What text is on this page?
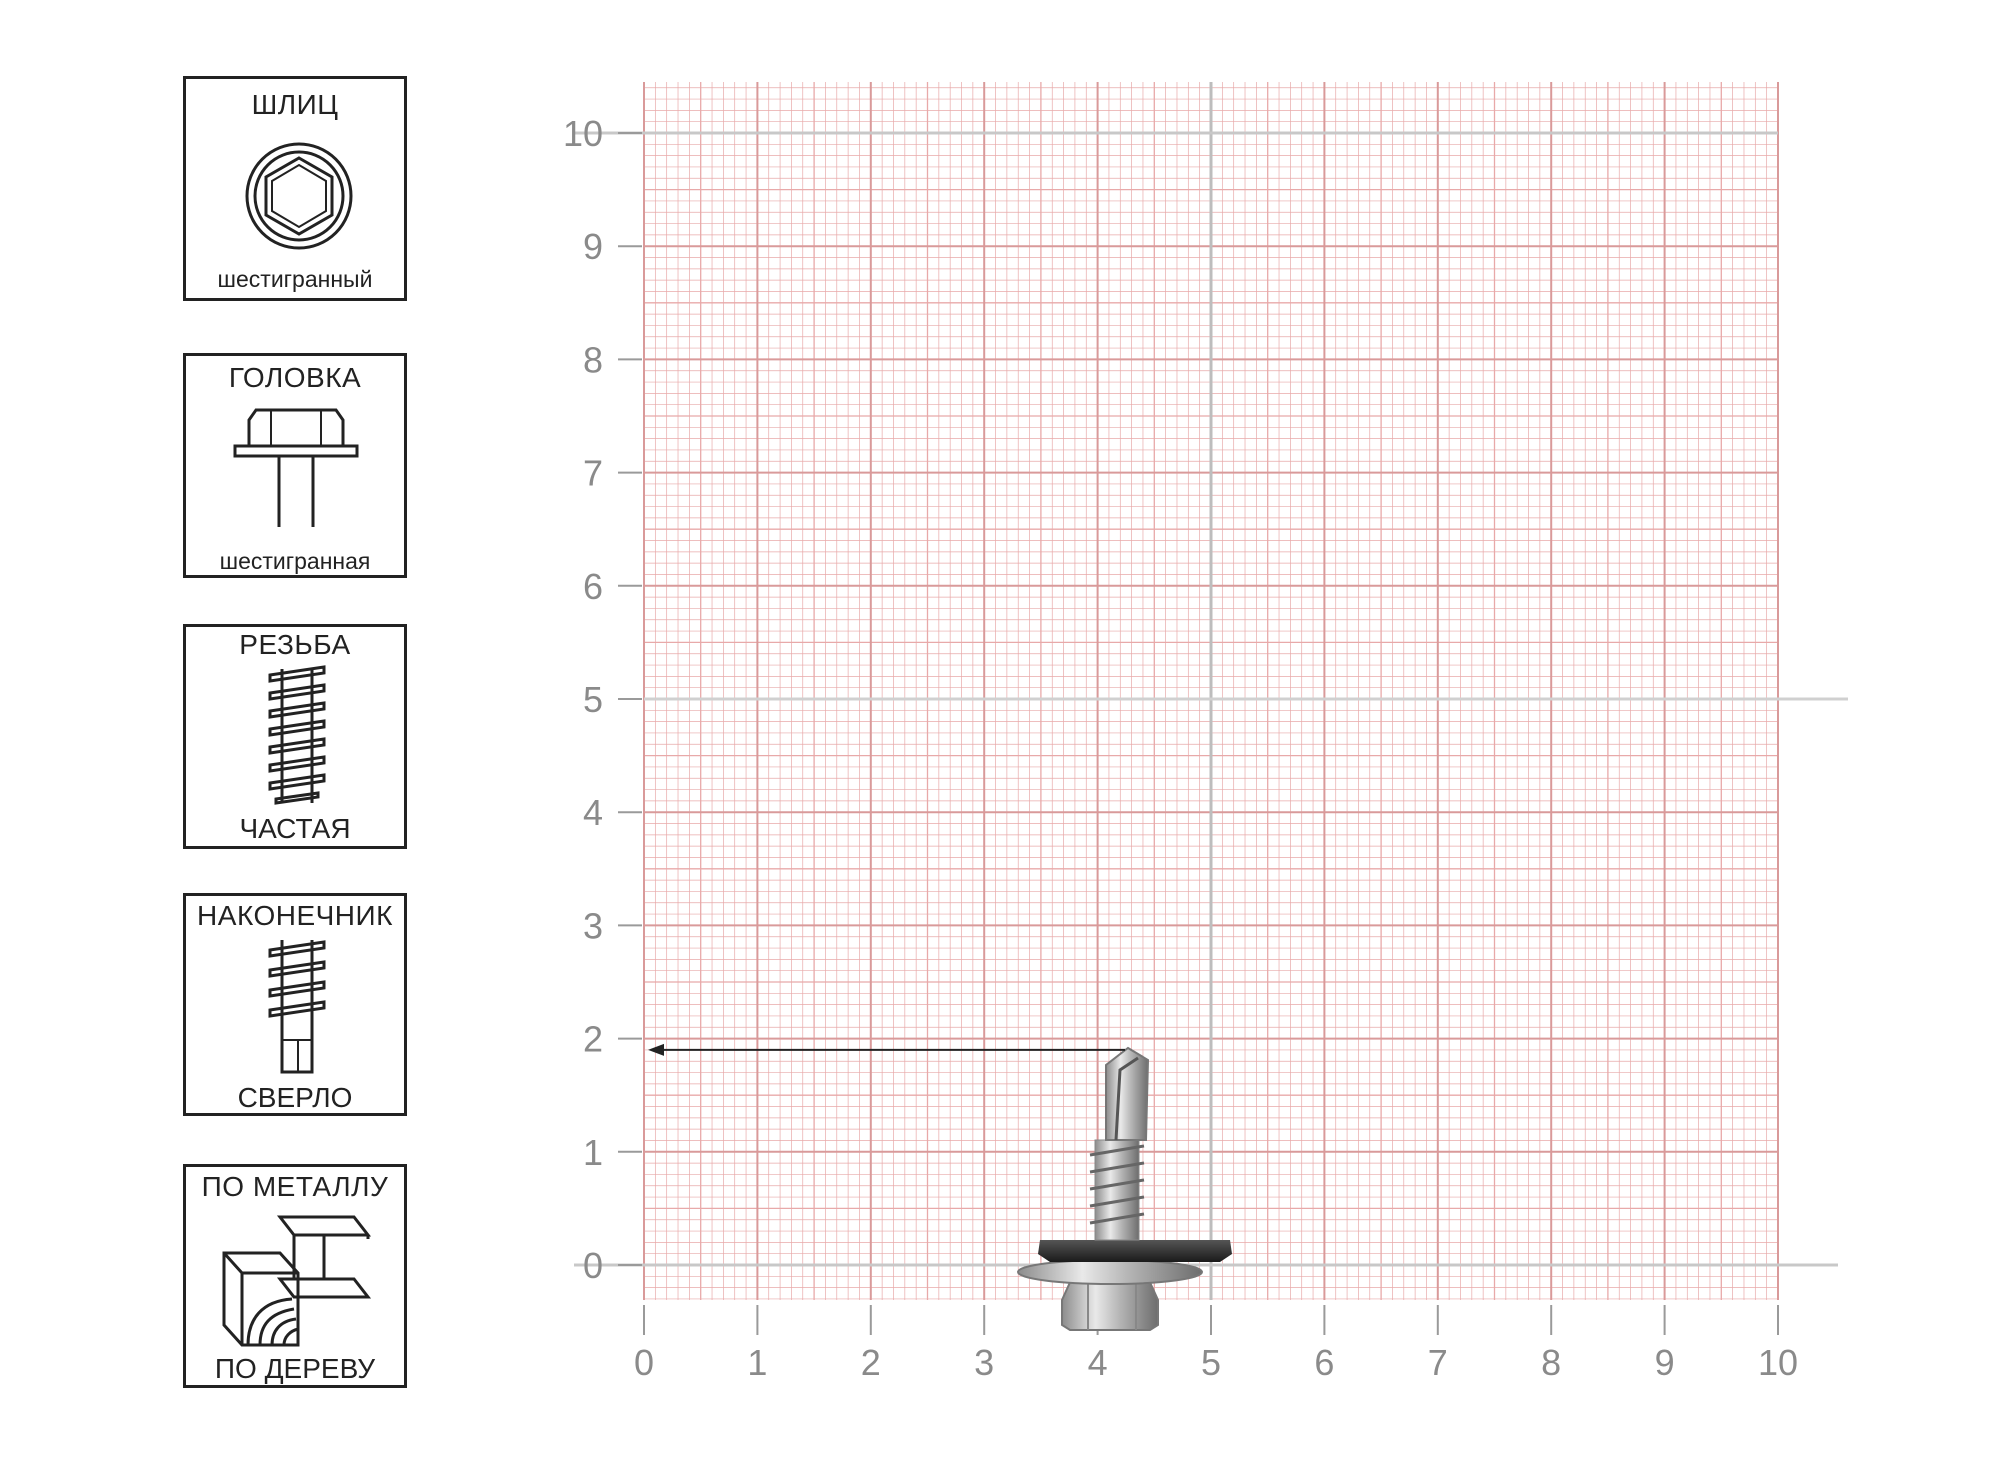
ШЛИЦ
шестигранный
ГОЛОВКА
шестигранная
РЕЗЬБА
ЧАСТАЯ
НАКОНЕЧНИК
СВЕРЛО
ПО МЕТАЛЛУ
ПО ДЕРЕВУ	0	1	2	3	4	5	6	7	8	9 10
0
1
2
3
4
5
6
7
8
9
10
